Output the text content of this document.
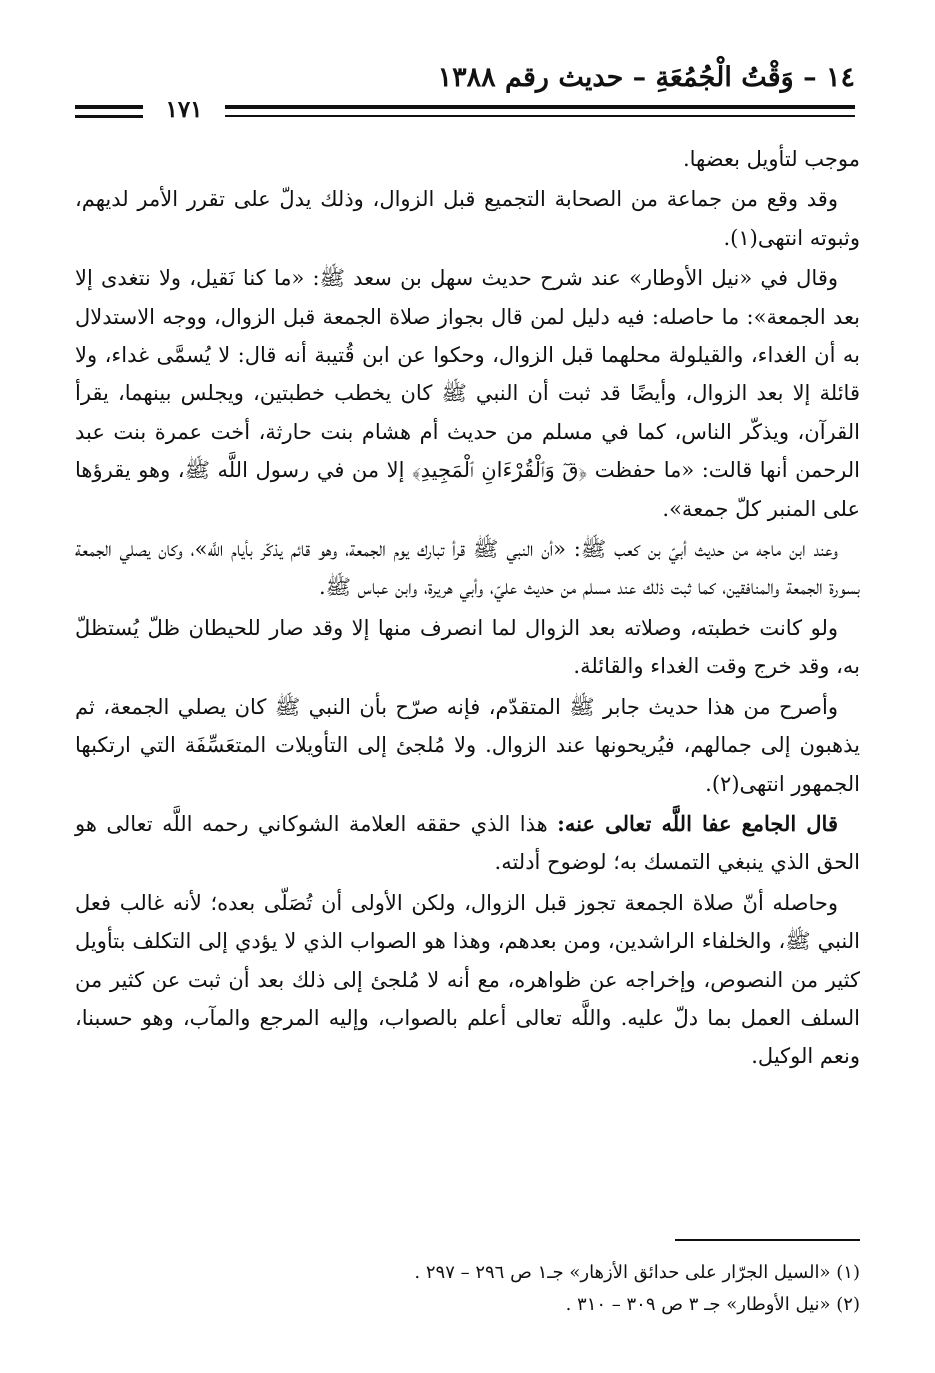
١٤ – وَقْتُ الْجُمُعَةِ – حديث رقم ١٣٨٨
١٧١

موجب لتأويل بعضها.

وقد وقع من جماعة من الصحابة التجميع قبل الزوال، وذلك يدلّ على تقرر الأمر لديهم، وثبوته انتهى(١).

وقال في «نيل الأوطار» عند شرح حديث سهل بن سعد ﷺ: «ما كنا نَقيل، ولا نتغدى إلا بعد الجمعة»: ما حاصله: فيه دليل لمن قال بجواز صلاة الجمعة قبل الزوال، ووجه الاستدلال به أن الغداء، والقيلولة محلهما قبل الزوال، وحكوا عن ابن قُتيبة أنه قال: لا يُسمَّى غداء، ولا قائلة إلا بعد الزوال، وأيضًا قد ثبت أن النبي ﷺ كان يخطب خطبتين، ويجلس بينهما، يقرأ القرآن، ويذكّر الناس، كما في مسلم من حديث أم هشام بنت حارثة، أخت عمرة بنت عبد الرحمن أنها قالت: «ما حفظت ﴿قٓ وَٱلْقُرْءَانِ ٱلْمَجِيدِ﴾ إلا من في رسول اللَّه ﷺ، وهو يقرؤها على المنبر كلّ جمعة».

وعند ابن ماجه من حديث أبيّ بن كعب ﷺ: «أن النبي ﷺ قرأ تبارك يوم الجمعة، وهو قائم يذكّر بأيام اللَّه»، وكان يصلي الجمعة بسورة الجمعة والمنافقين، كما ثبت ذلك عند مسلم من حديث عليّ، وأبي هريرة، وابن عباس ﷺ.

ولو كانت خطبته، وصلاته بعد الزوال لما انصرف منها إلا وقد صار للحيطان ظلّ يُستظلّ به، وقد خرج وقت الغداء والقائلة.

وأصرح من هذا حديث جابر ﷺ المتقدّم، فإنه صرّح بأن النبي ﷺ كان يصلي الجمعة، ثم يذهبون إلى جمالهم، فيُريحونها عند الزوال. ولا مُلجئ إلى التأويلات المتعَسِّفَة التي ارتكبها الجمهور انتهى(٢).

قال الجامع عفا اللَّه تعالى عنه: هذا الذي حققه العلامة الشوكاني رحمه اللَّه تعالى هو الحق الذي ينبغي التمسك به؛ لوضوح أدلته.

وحاصله أنّ صلاة الجمعة تجوز قبل الزوال، ولكن الأولى أن تُصَلّى بعده؛ لأنه غالب فعل النبي ﷺ، والخلفاء الراشدين، ومن بعدهم، وهذا هو الصواب الذي لا يؤدي إلى التكلف بتأويل كثير من النصوص، وإخراجه عن ظواهره، مع أنه لا مُلجئ إلى ذلك بعد أن ثبت عن كثير من السلف العمل بما دلّ عليه. واللَّه تعالى أعلم بالصواب، وإليه المرجع والمآب، وهو حسبنا، ونعم الوكيل.

(١) «السيل الجرّار على حدائق الأزهار» جـ١ ص ٢٩٦ – ٢٩٧ .
(٢) «نيل الأوطار» جـ ٣ ص ٣٠٩ – ٣١٠ .
